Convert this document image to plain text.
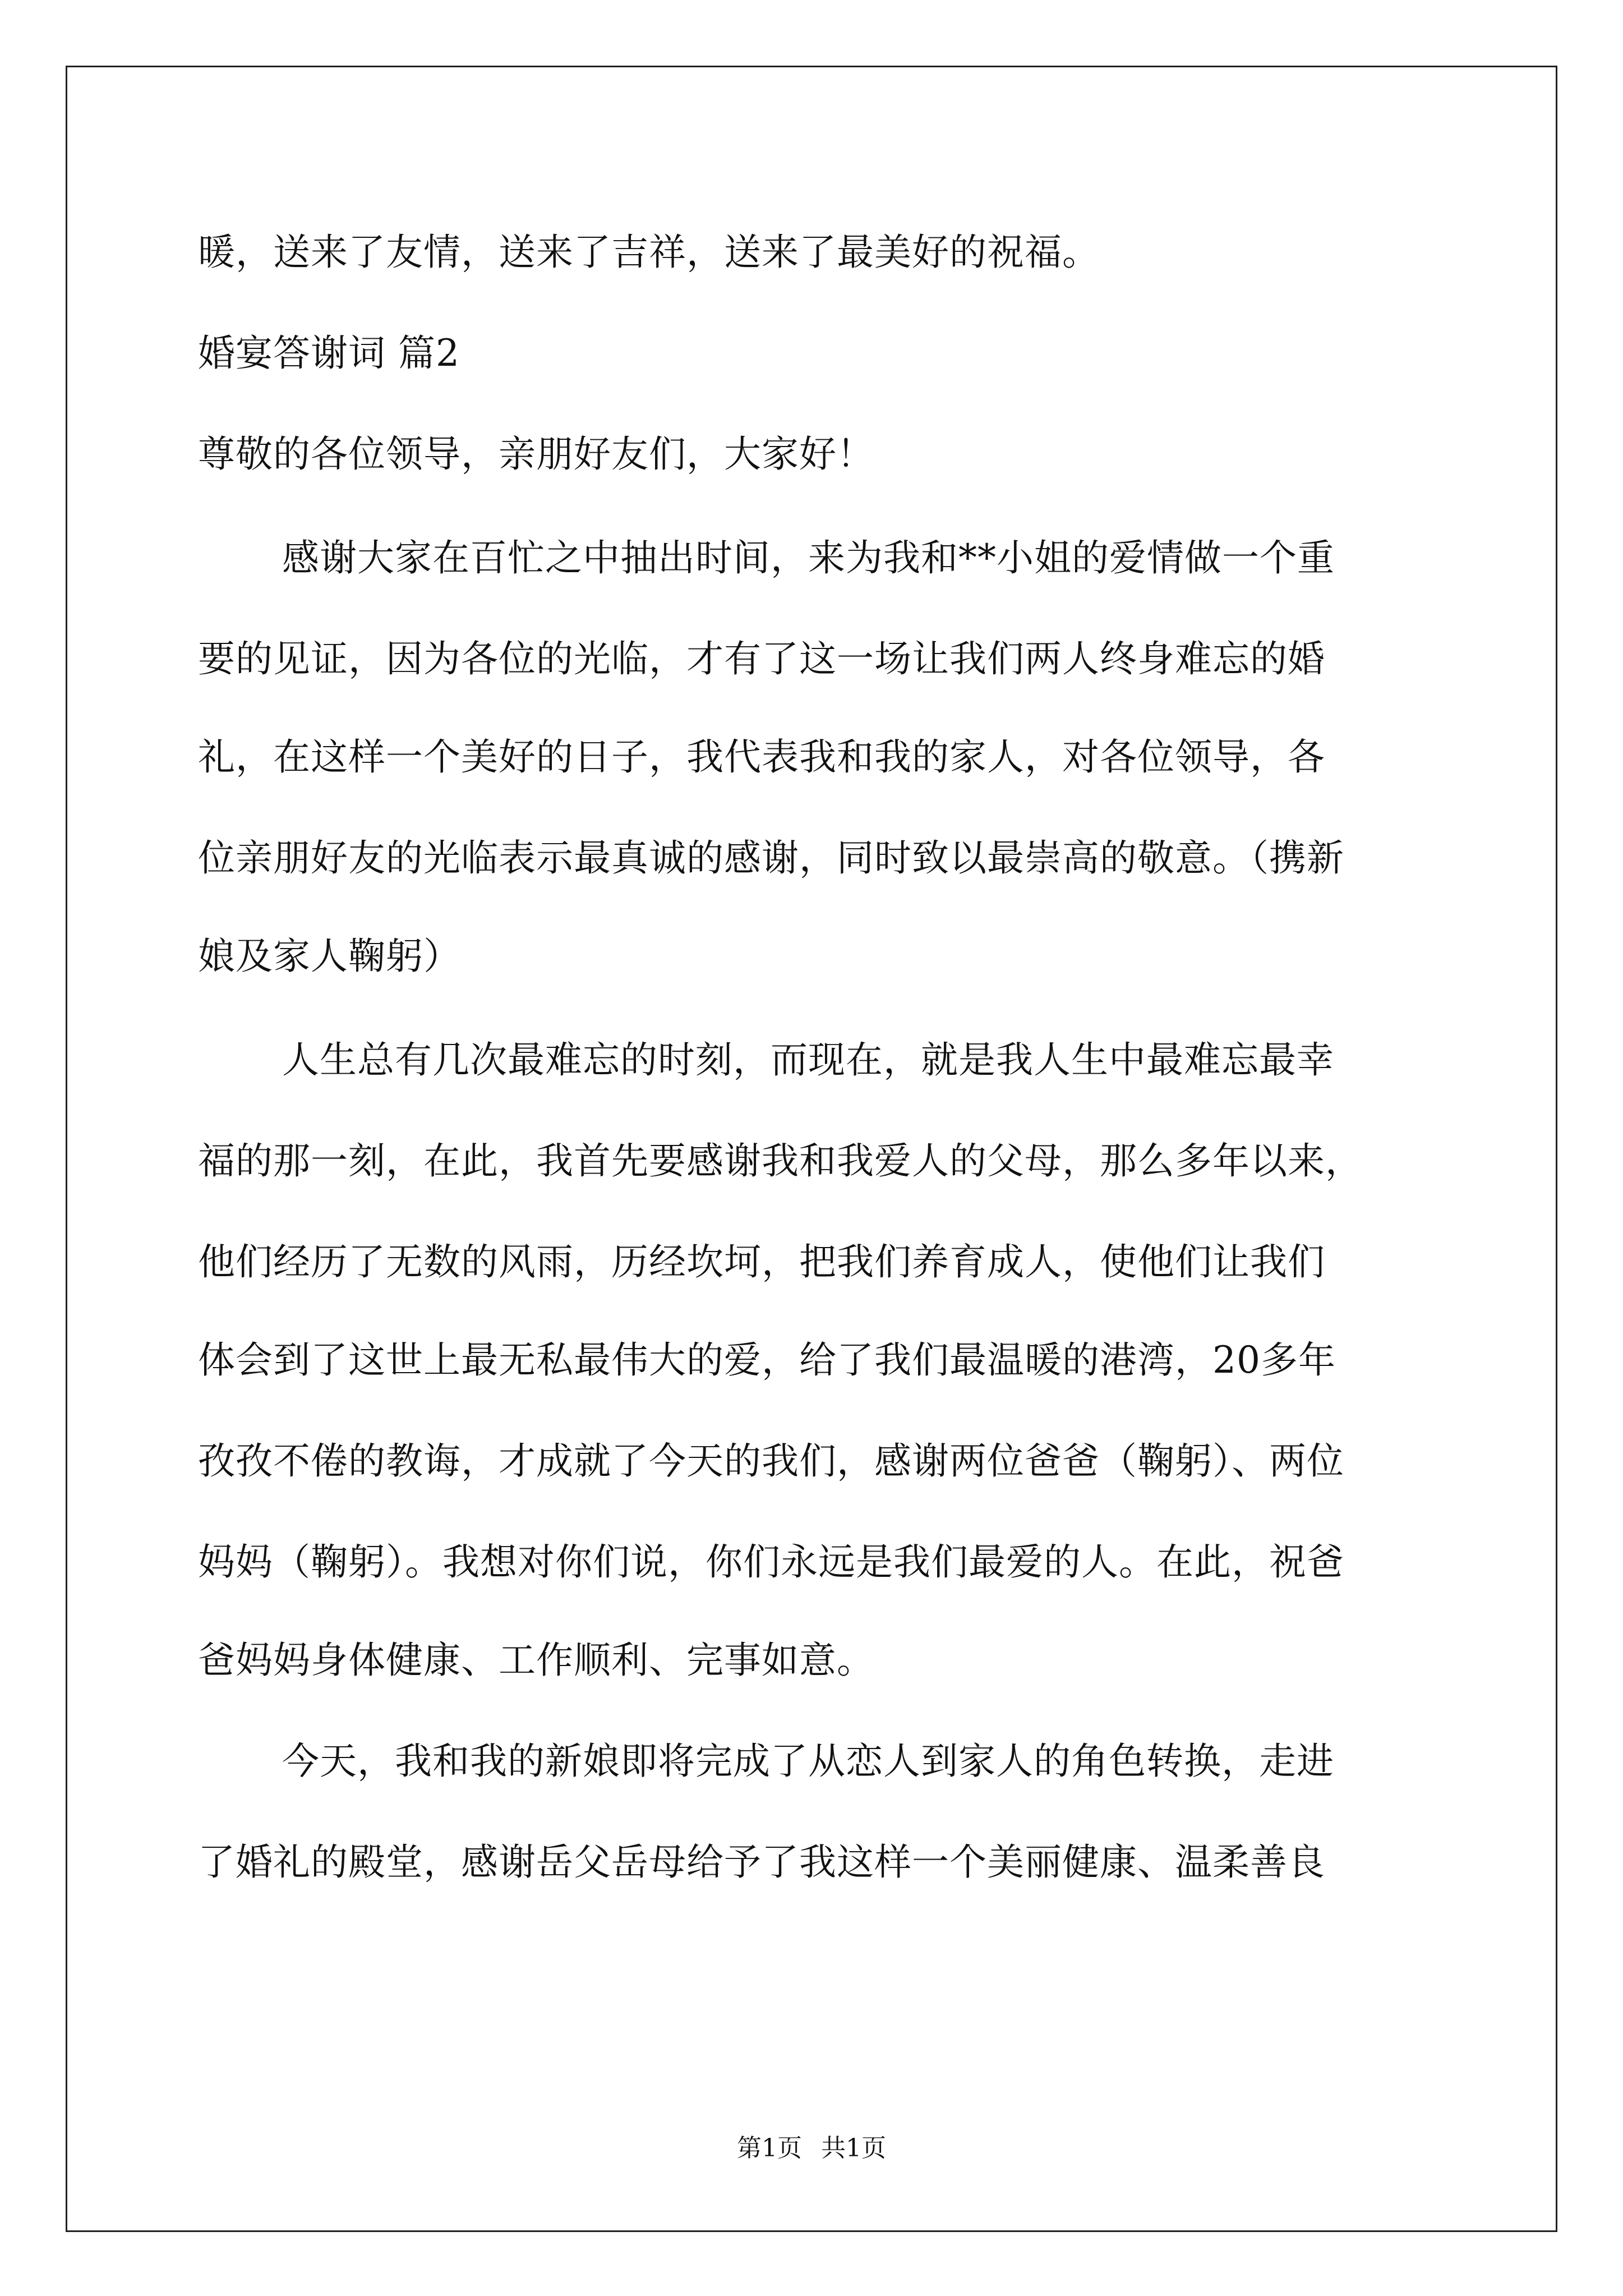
暖，送来了友情，送来了吉祥，送来了最美好的祝福。
婚宴答谢词 篇2
尊敬的各位领导，亲朋好友们，大家好！
感谢大家在百忙之中抽出时间，来为我和**小姐的爱情做一个重
要的见证，因为各位的光临，才有了这一场让我们两人终身难忘的婚
礼，在这样一个美好的日子，我代表我和我的家人，对各位领导，各
位亲朋好友的光临表示最真诚的感谢，同时致以最崇高的敬意。（携新
娘及家人鞠躬）
人生总有几次最难忘的时刻，而现在，就是我人生中最难忘最幸
福的那一刻，在此，我首先要感谢我和我爱人的父母，那么多年以来，
他们经历了无数的风雨，历经坎坷，把我们养育成人，使他们让我们
体会到了这世上最无私最伟大的爱，给了我们最温暖的港湾，20多年
孜孜不倦的教诲，才成就了今天的我们，感谢两位爸爸（鞠躬）、两位
妈妈（鞠躬）。我想对你们说，你们永远是我们最爱的人。在此，祝爸
爸妈妈身体健康、工作顺利、完事如意。
今天，我和我的新娘即将完成了从恋人到家人的角色转换，走进
了婚礼的殿堂，感谢岳父岳母给予了我这样一个美丽健康、温柔善良
第1页 共1页
